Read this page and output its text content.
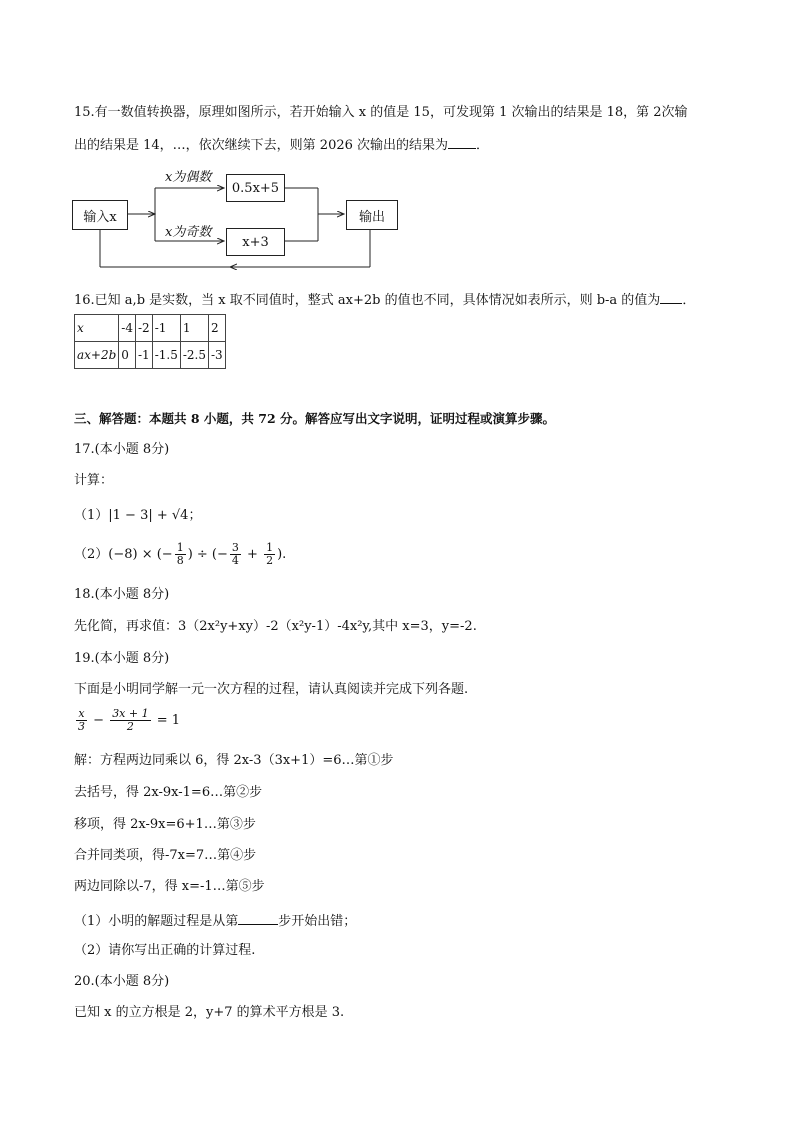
15.有一数值转换器，原理如图所示，若开始输入 x 的值是 15，可发现第 1 次输出的结果是 18，第 2次输
出的结果是 14，…，依次继续下去，则第 2026 次输出的结果为 ．
输入x
x为偶数
0.5x+5
x为奇数
x+3
输出
16.已知 a,b 是实数，当 x 取不同值时，整式 ax+2b 的值也不同，具体情况如表所示，则 b-a 的值为 ．
x	-4	-2	-1	1	2
ax+2b	0	-1	-1.5	-2.5	-3
三、解答题：本题共 8 小题，共 72 分。解答应写出文字说明，证明过程或演算步骤。
17.(本小题 8分)
计算：
（1）|1 − 3| + √4；
（2）(−8) × (− $\frac{1}{8}$ ) ÷ (− $\frac{3}{4} + \frac{1}{2}$ ).
18.(本小题 8分)
先化简，再求值：3（2x²y+xy）-2（x²y-1）-4x²y,其中 x=3，y=-2.
19.(本小题 8分)
下面是小明同学解一元一次方程的过程，请认真阅读并完成下列各题.
$\frac{x}{3} - \frac{3x + 1}{2} = 1$
解：方程两边同乘以 6，得 2x-3（3x+1）=6…第①步
去括号，得 2x-9x-1=6…第②步
移项，得 2x-9x=6+1…第③步
合并同类项，得-7x=7…第④步
两边同除以-7，得 x=-1…第⑤步
（1）小明的解题过程是从第	步开始出错；
（2）请你写出正确的计算过程.
20.(本小题 8分)
已知 x 的立方根是 2，y+7 的算术平方根是 3.
